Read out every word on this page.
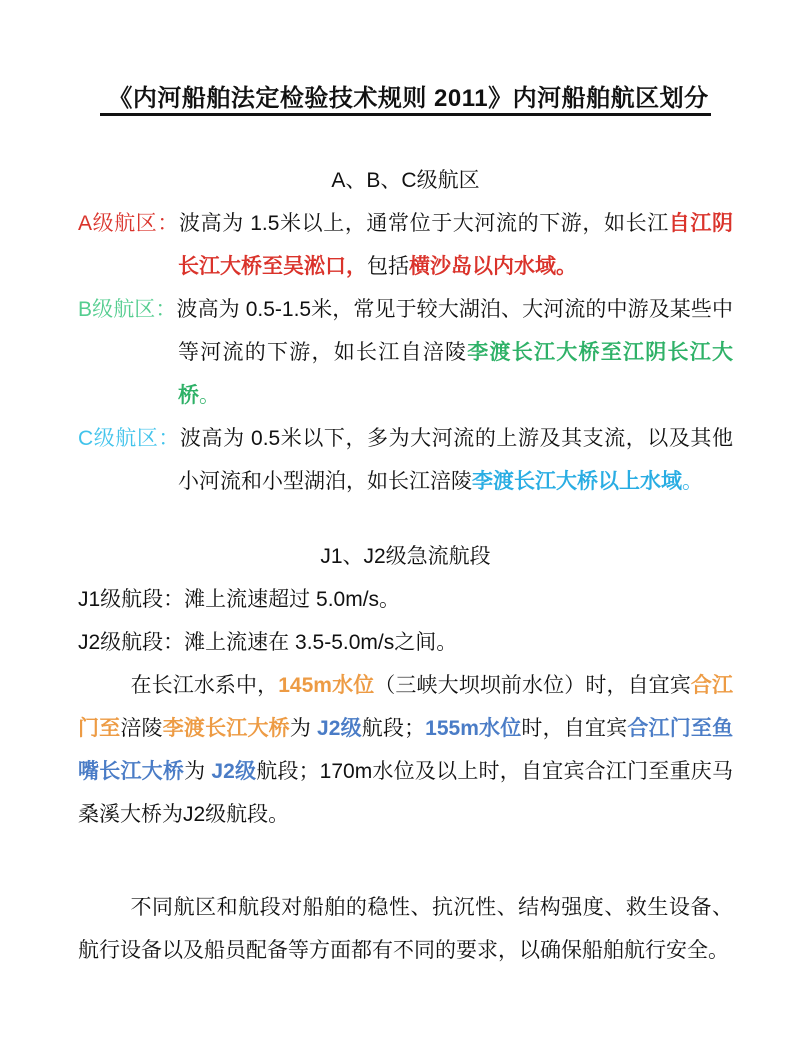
《内河船舶法定检验技术规则 2011》内河船舶航区划分
A、B、C级航区

A级航区：波高为 1.5米以上，通常位于大河流的下游，如长江自江阴长江大桥至吴淞口，包括横沙岛以内水域。

B级航区：波高为 0.5-1.5米，常见于较大湖泊、大河流的中游及某些中等河流的下游，如长江自涪陵李渡长江大桥至江阴长江大桥。

C级航区：波高为 0.5米以下，多为大河流的上游及其支流，以及其他小河流和小型湖泊，如长江涪陵李渡长江大桥以上水域。

J1、J2级急流航段

J1级航段：滩上流速超过 5.0m/s。

J2级航段：滩上流速在 3.5-5.0m/s之间。

在长江水系中，145m水位（三峡大坝坝前水位）时，自宜宾合江门至涪陵李渡长江大桥为 J2级航段；155m水位时，自宜宾合江门至鱼嘴长江大桥为 J2级航段；170m水位及以上时，自宜宾合江门至重庆马桑溪大桥为J2级航段。

不同航区和航段对船舶的稳性、抗沉性、结构强度、救生设备、航行设备以及船员配备等方面都有不同的要求，以确保船舶航行安全。
